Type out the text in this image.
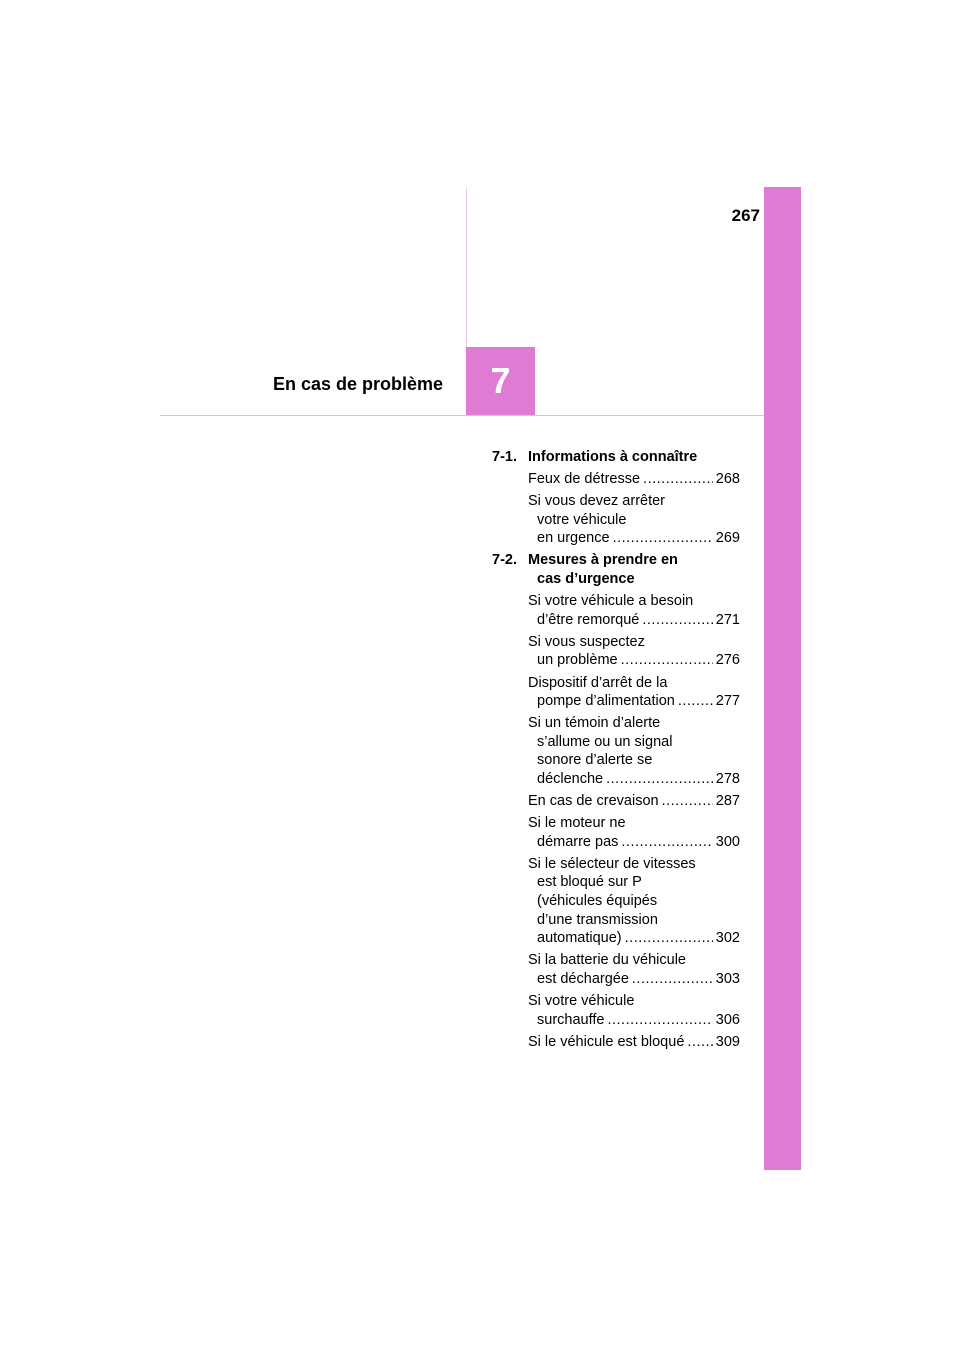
267
7
En cas de problème
7-1. Informations à connaître
Feux de détresse .....	268
Si vous devez arrêter
votre véhicule
en urgence .....	269
7-2. Mesures à prendre en
cas d’urgence
Si votre véhicule a besoin
d’être remorqué .....	271
Si vous suspectez
un problème .....	276
Dispositif d’arrêt de la
pompe d’alimentation .....	277
Si un témoin d’alerte
s’allume ou un signal
sonore d’alerte se
déclenche .....	278
En cas de crevaison .....	287
Si le moteur ne
démarre pas .....	300
Si le sélecteur de vitesses
est bloqué sur P
(véhicules équipés
d’une transmission
automatique) .....	302
Si la batterie du véhicule
est déchargée .....	303
Si votre véhicule
surchauffe .....	306
Si le véhicule est bloqué ..... 309
